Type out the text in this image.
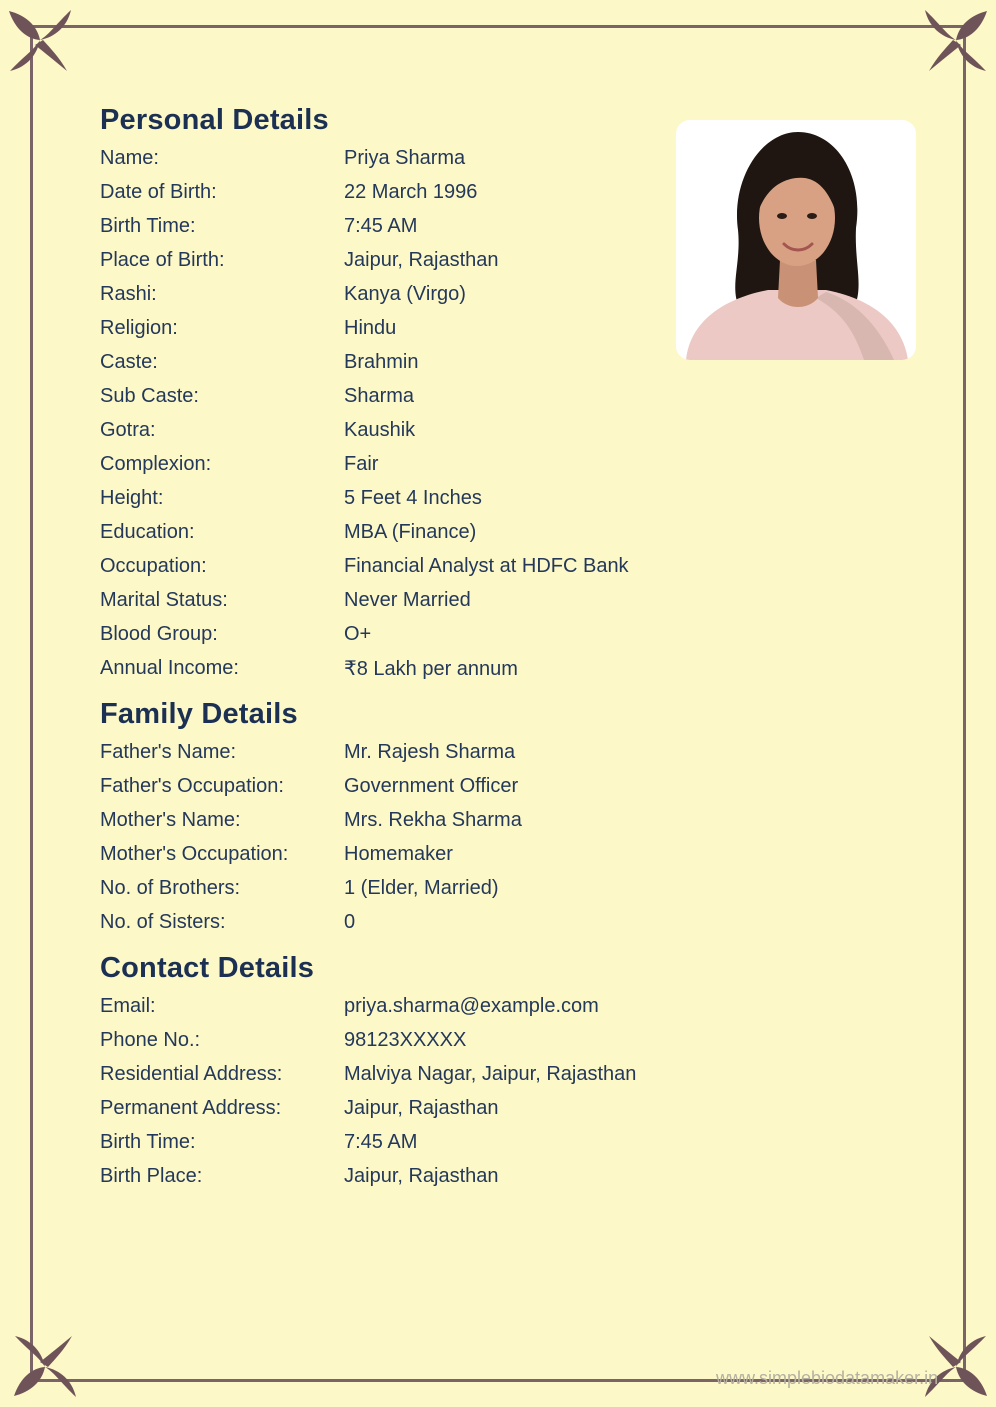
Personal Details
Name:	Priya Sharma
Date of Birth:	22 March 1996
Birth Time:	7:45 AM
Place of Birth:	Jaipur, Rajasthan
Rashi:	Kanya (Virgo)
Religion:	Hindu
Caste:	Brahmin
Sub Caste:	Sharma
Gotra:	Kaushik
Complexion:	Fair
Height:	5 Feet 4 Inches
Education:	MBA (Finance)
Occupation:	Financial Analyst at HDFC Bank
Marital Status:	Never Married
Blood Group:	O+
Annual Income:	₹8 Lakh per annum
Family Details
Father's Name:	Mr. Rajesh Sharma
Father's Occupation:	Government Officer
Mother's Name:	Mrs. Rekha Sharma
Mother's Occupation:	Homemaker
No. of Brothers:	1 (Elder, Married)
No. of Sisters:	0
Contact Details
Email:	priya.sharma@example.com
Phone No.:	98123XXXXX
Residential Address:	Malviya Nagar, Jaipur, Rajasthan
Permanent Address:	Jaipur, Rajasthan
Birth Time:	7:45 AM
Birth Place:	Jaipur, Rajasthan
www.simplebiodatamaker.in
